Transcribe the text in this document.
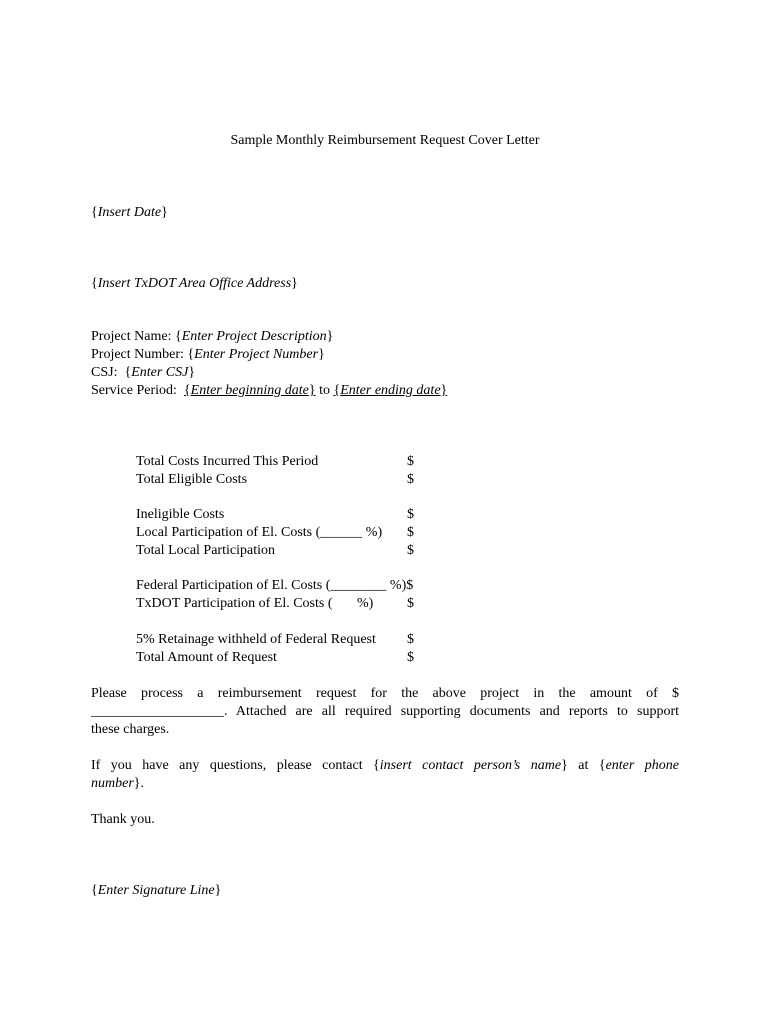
Sample Monthly Reimbursement Request Cover Letter
{Insert Date}
{Insert TxDOT Area Office Address}
Project Name: {Enter Project Description}
Project Number: {Enter Project Number}
CSJ:  {Enter CSJ}
Service Period: {Enter beginning date} to {Enter ending date}
Total Costs Incurred This Period	$
Total Eligible Costs	$
Ineligible Costs	$
Local Participation of El. Costs (______ %) $
Total Local Participation	$
Federal Participation of El. Costs (________ %)$
TxDOT Participation of El. Costs (       %) $
5% Retainage withheld of Federal Request $
Total Amount of Request	$
Please process a reimbursement request for the above project in the amount of $
___________________. Attached are all required supporting documents and reports to support
these charges.
If you have any questions, please contact {insert contact person’s name} at {enter phone
number}.
Thank you.
{Enter Signature Line}
